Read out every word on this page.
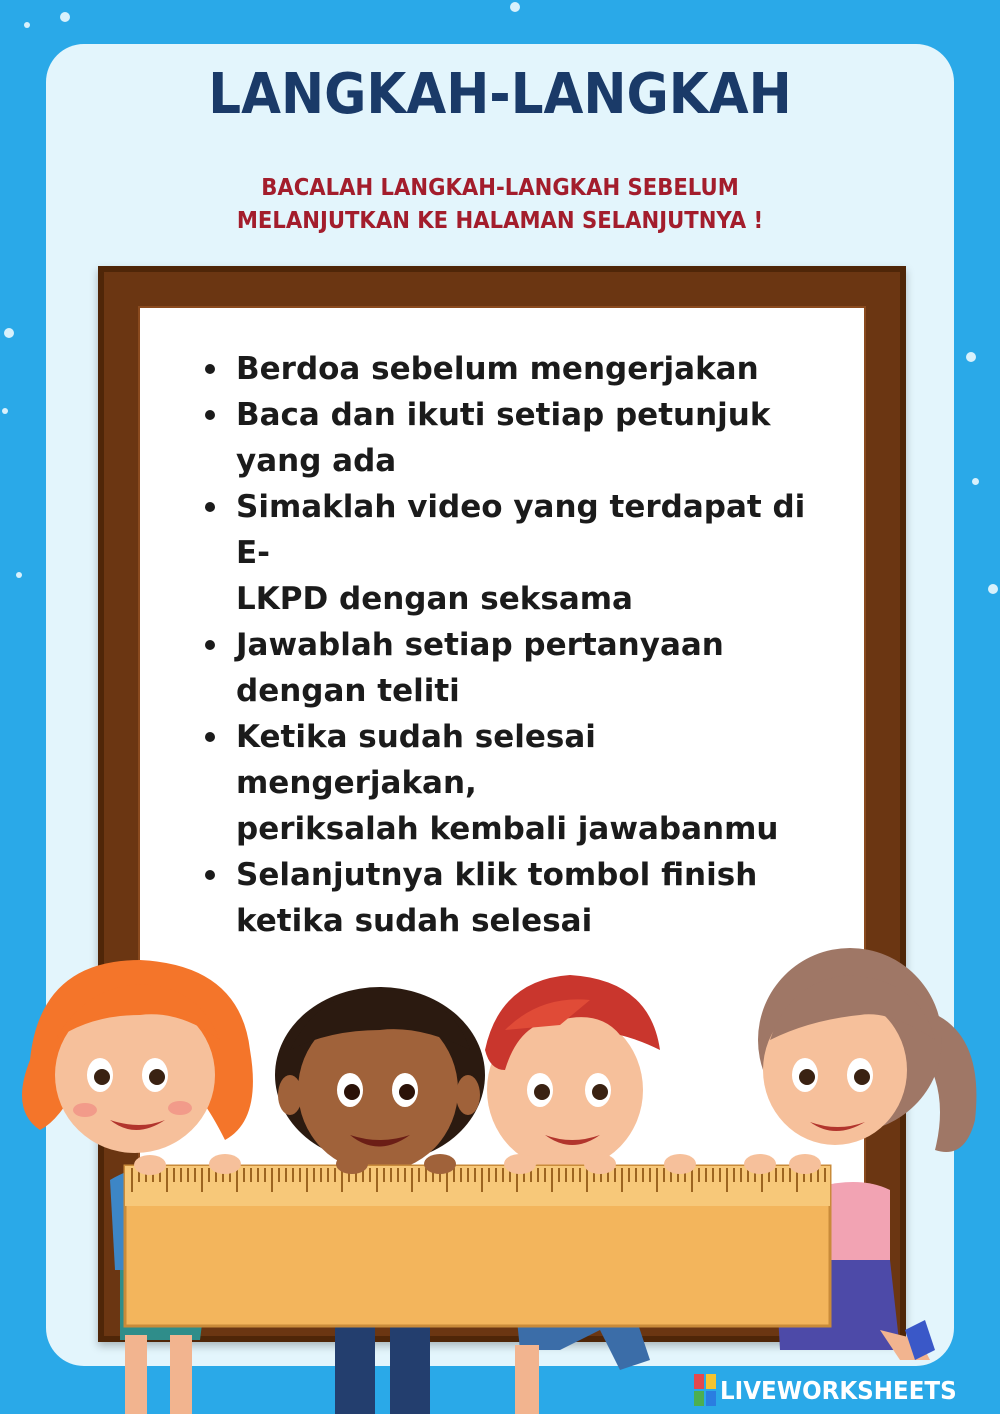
LANGKAH-LANGKAH
BACALAH LANGKAH-LANGKAH SEBELUM
MELANJUTKAN KE HALAMAN SELANJUTNYA !
Berdoa sebelum mengerjakan
Baca dan ikuti setiap petunjuk
yang ada
Simaklah video yang terdapat di E-
LKPD dengan seksama
Jawablah setiap pertanyaan
dengan teliti
Ketika sudah selesai mengerjakan,
periksalah kembali jawabanmu
Selanjutnya klik tombol finish
ketika sudah selesai
LIVEWORKSHEETS
